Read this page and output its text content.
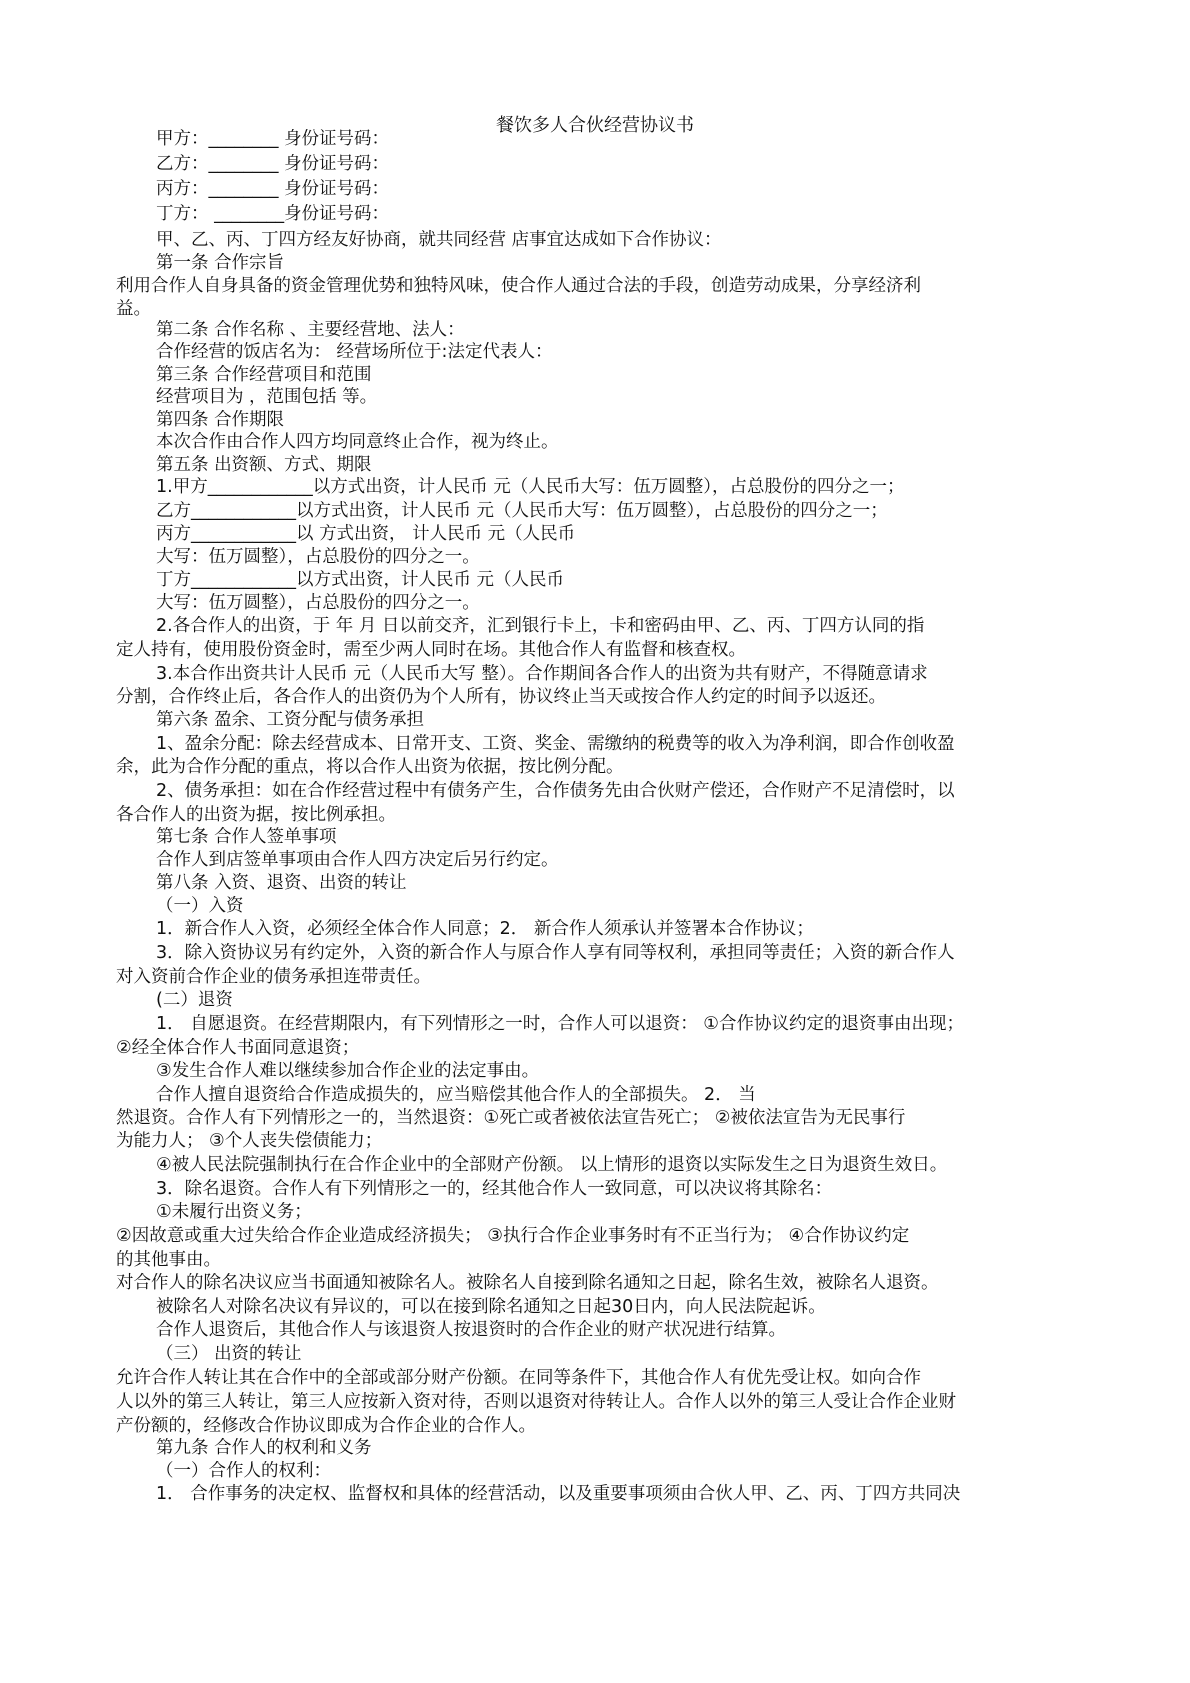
餐饮多人合伙经营协议书
甲方：________ 身份证号码：
乙方：________ 身份证号码：
丙方：________ 身份证号码：
丁方： ________身份证号码：
甲、乙、丙、丁四方经友好协商，就共同经营 店事宜达成如下合作协议：
第一条 合作宗旨
利用合作人自身具备的资金管理优势和独特风味，使合作人通过合法的手段，创造劳动成果，分享经济利
益。
第二条 合作名称 、主要经营地、法人：
合作经营的饭店名为： 经营场所位于:法定代表人：
第三条 合作经营项目和范围
经营项目为 ，范围包括 等。
第四条 合作期限
本次合作由合作人四方均同意终止合作，视为终止。
第五条 出资额、方式、期限
1.甲方____________以方式出资，计人民币 元（人民币大写：伍万圆整），占总股份的四分之一；
乙方____________以方式出资，计人民币 元（人民币大写：伍万圆整），占总股份的四分之一；
丙方____________以 方式出资， 计人民币 元（人民币
大写：伍万圆整），占总股份的四分之一。
丁方____________以方式出资，计人民币 元（人民币
大写：伍万圆整），占总股份的四分之一。
2.各合作人的出资，于 年 月 日以前交齐，汇到银行卡上，卡和密码由甲、乙、丙、丁四方认同的指
定人持有，使用股份资金时，需至少两人同时在场。其他合作人有监督和核查权。
3.本合作出资共计人民币 元（人民币大写 整）。合作期间各合作人的出资为共有财产，不得随意请求
分割，合作终止后，各合作人的出资仍为个人所有，协议终止当天或按合作人约定的时间予以返还。
第六条 盈余、工资分配与债务承担
1、盈余分配：除去经营成本、日常开支、工资、奖金、需缴纳的税费等的收入为净利润，即合作创收盈
余，此为合作分配的重点，将以合作人出资为依据，按比例分配。
2、债务承担：如在合作经营过程中有债务产生，合作债务先由合伙财产偿还，合作财产不足清偿时，以
各合作人的出资为据，按比例承担。
第七条 合作人签单事项
合作人到店签单事项由合作人四方决定后另行约定。
第八条 入资、退资、出资的转让
（一）入资
1．新合作人入资，必须经全体合作人同意；2． 新合作人须承认并签署本合作协议；
3．除入资协议另有约定外，入资的新合作人与原合作人享有同等权利，承担同等责任；入资的新合作人
对入资前合作企业的债务承担连带责任。
(二）退资
1． 自愿退资。在经营期限内，有下列情形之一时，合作人可以退资： ①合作协议约定的退资事由出现；
②经全体合作人书面同意退资；
③发生合作人难以继续参加合作企业的法定事由。
合作人擅自退资给合作造成损失的，应当赔偿其他合作人的全部损失。 2． 当
然退资。合作人有下列情形之一的，当然退资：①死亡或者被依法宣告死亡； ②被依法宣告为无民事行
为能力人； ③个人丧失偿债能力；
④被人民法院强制执行在合作企业中的全部财产份额。 以上情形的退资以实际发生之日为退资生效日。
3．除名退资。合作人有下列情形之一的，经其他合作人一致同意，可以决议将其除名：
①未履行出资义务；
②因故意或重大过失给合作企业造成经济损失； ③执行合作企业事务时有不正当行为； ④合作协议约定
的其他事由。
对合作人的除名决议应当书面通知被除名人。被除名人自接到除名通知之日起，除名生效，被除名人退资。
被除名人对除名决议有异议的，可以在接到除名通知之日起30日内，向人民法院起诉。
合作人退资后，其他合作人与该退资人按退资时的合作企业的财产状况进行结算。
（三） 出资的转让
允许合作人转让其在合作中的全部或部分财产份额。在同等条件下，其他合作人有优先受让权。如向合作
人以外的第三人转让，第三人应按新入资对待，否则以退资对待转让人。合作人以外的第三人受让合作企业财
产份额的，经修改合作协议即成为合作企业的合作人。
第九条 合作人的权利和义务
（一）合作人的权利：
1． 合作事务的决定权、监督权和具体的经营活动，以及重要事项须由合伙人甲、乙、丙、丁四方共同决
